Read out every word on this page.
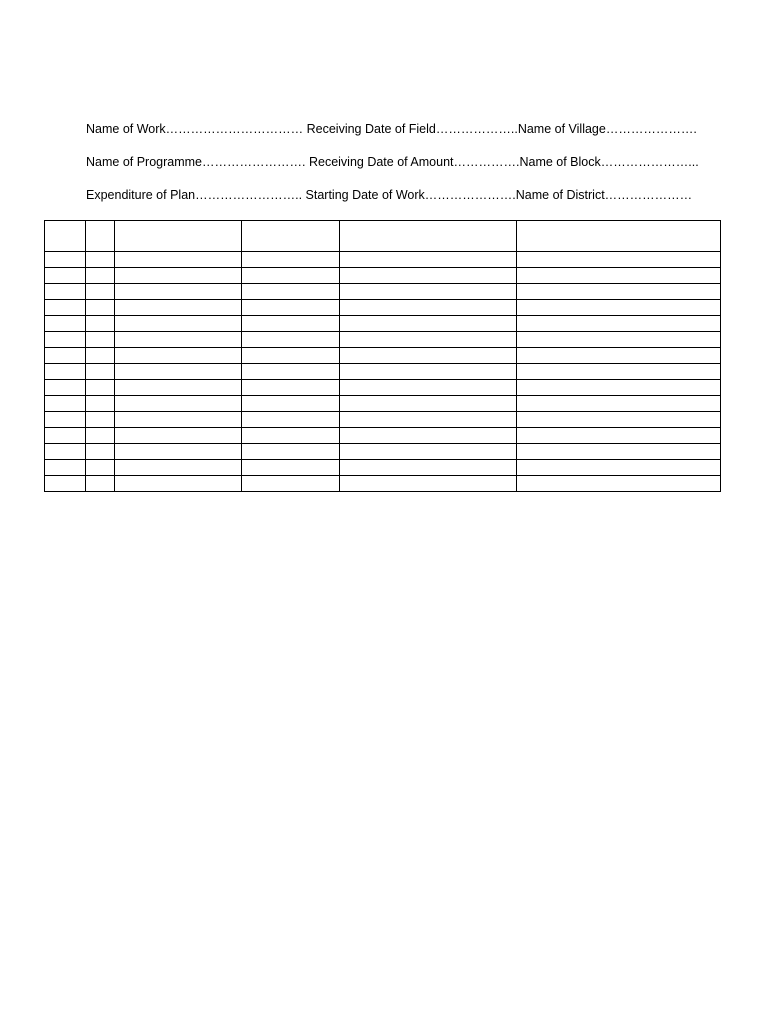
Name of Work…………………………… Receiving Date of Field………………..Name of Village………………….
Name of Programme……………………. Receiving Date of Amount…………….Name of Block…………………...
Expenditure of Plan…………………….. Starting Date of Work………………….Name of District…………………
